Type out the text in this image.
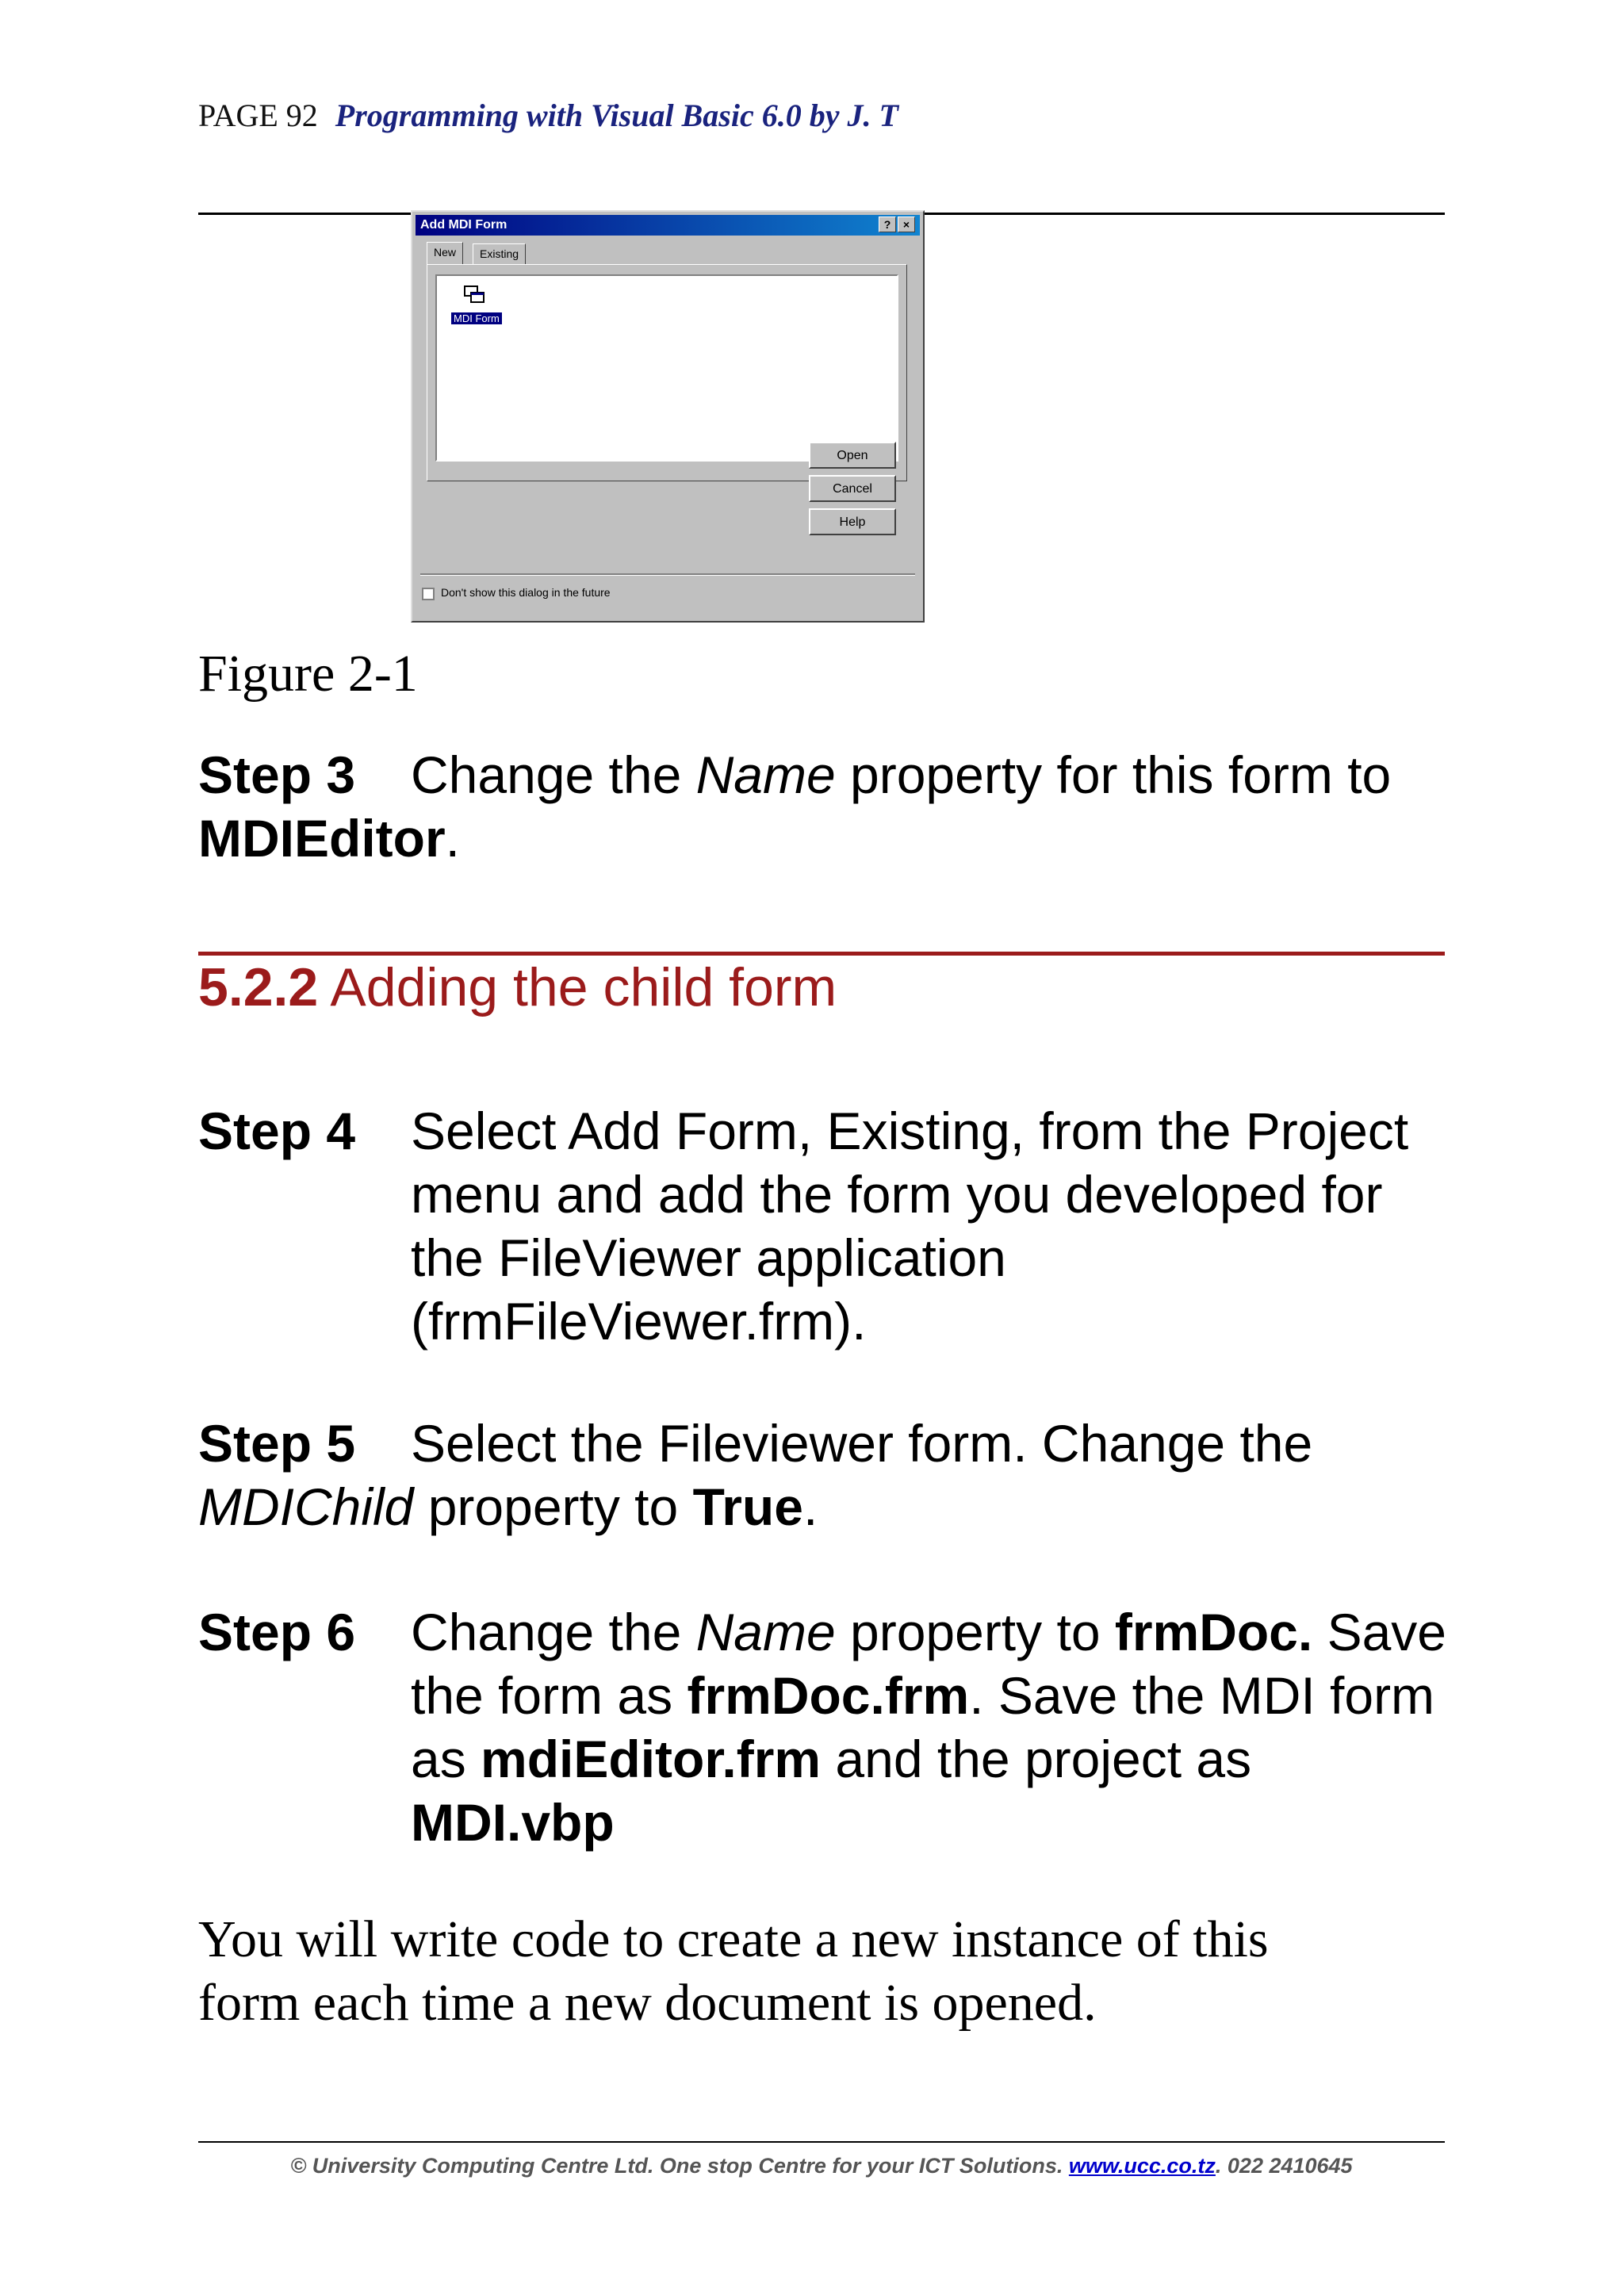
PAGE 92 Programming with Visual Basic 6.0 by J. T
Add MDI Form	?	×
New	Existing
MDI Form
Open
Cancel
Help
Don't show this dialog in the future
Figure 2-1
Step 3 Change the Name property for this form to MDIEditor.
5.2.2 Adding the child form
Step 4	Select Add Form, Existing, from the Project menu and add the form you developed for the FileViewer application (frmFileViewer.frm).
Step 5 Select the Fileviewer form. Change the
MDIChild property to True.
Step 6	Change the Name property to frmDoc. Save the form as frmDoc.frm. Save the MDI form as mdiEditor.frm and the project as MDI.vbp
You will write code to create a new instance of this
form each time a new document is opened.
© University Computing Centre Ltd. One stop Centre for your ICT Solutions. www.ucc.co.tz. 022 2410645
